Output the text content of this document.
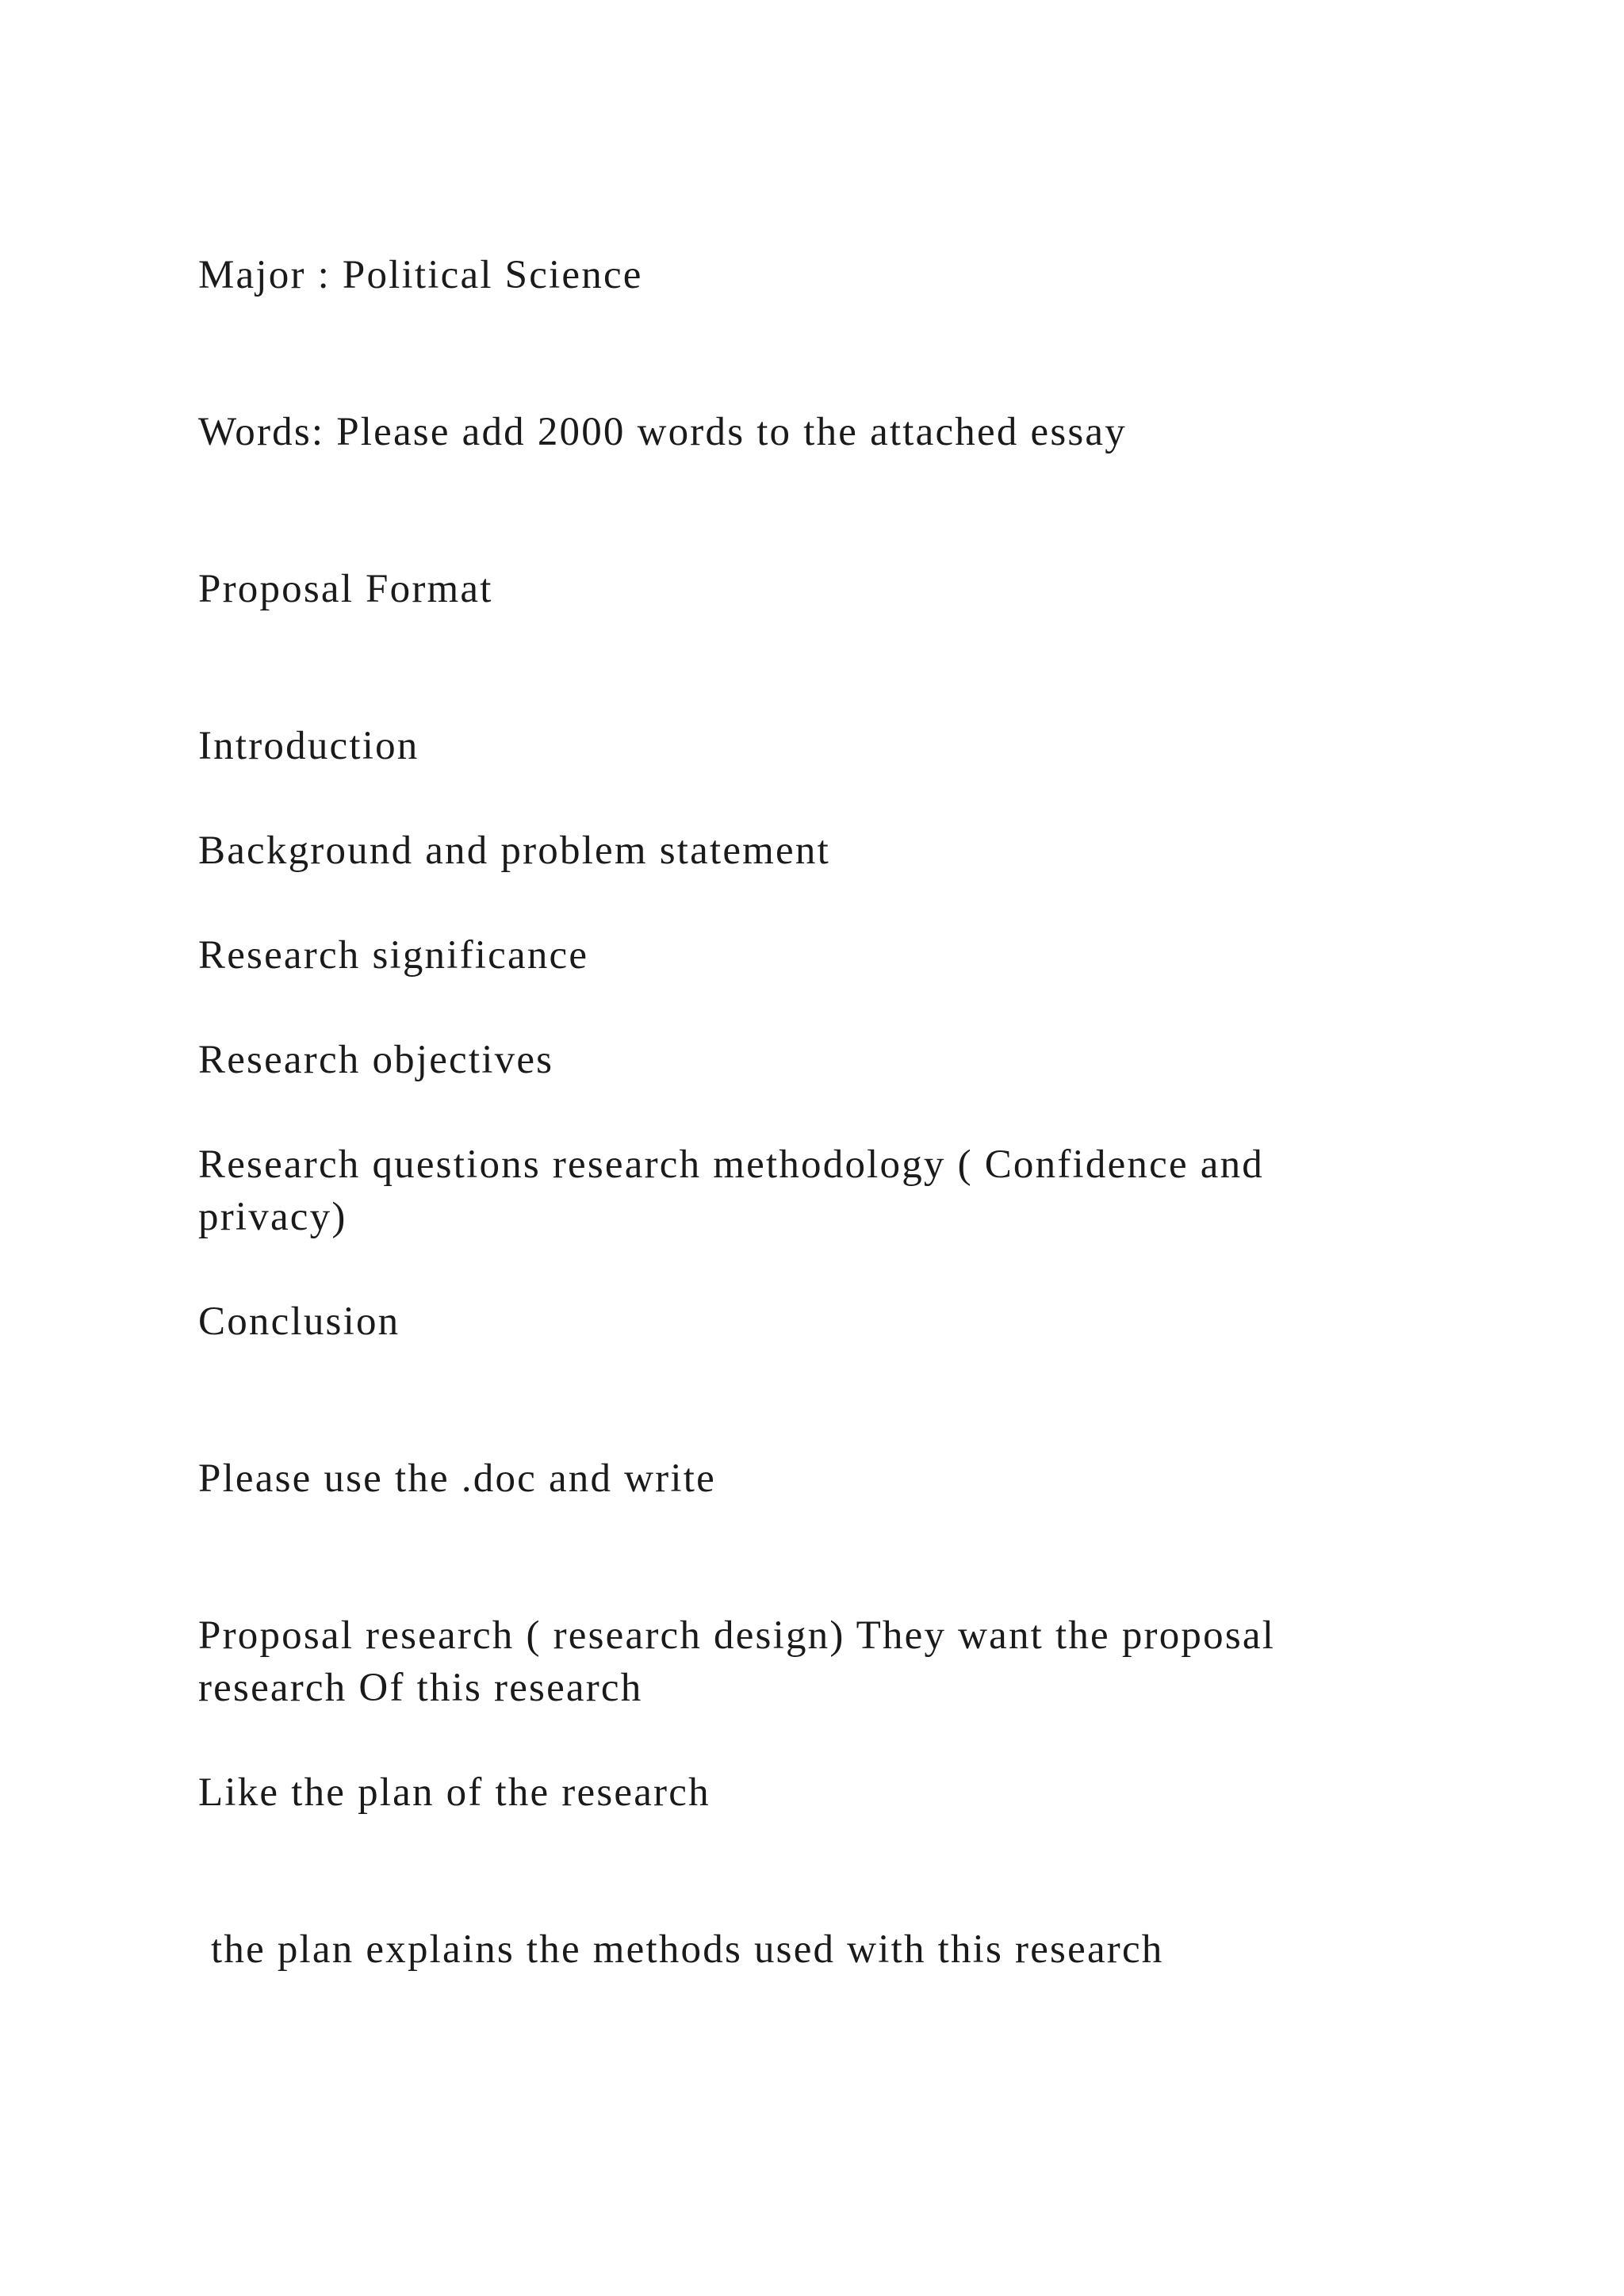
Major : Political Science

Words: Please add 2000 words to the attached essay

Proposal Format

Introduction

Background and problem statement

Research significance

Research objectives

Research questions research methodology ( Confidence and

privacy)

Conclusion

Please use the .doc and write

Proposal research ( research design) They want the proposal

research Of this research

Like the plan of the research

the plan explains the methods used with this research
